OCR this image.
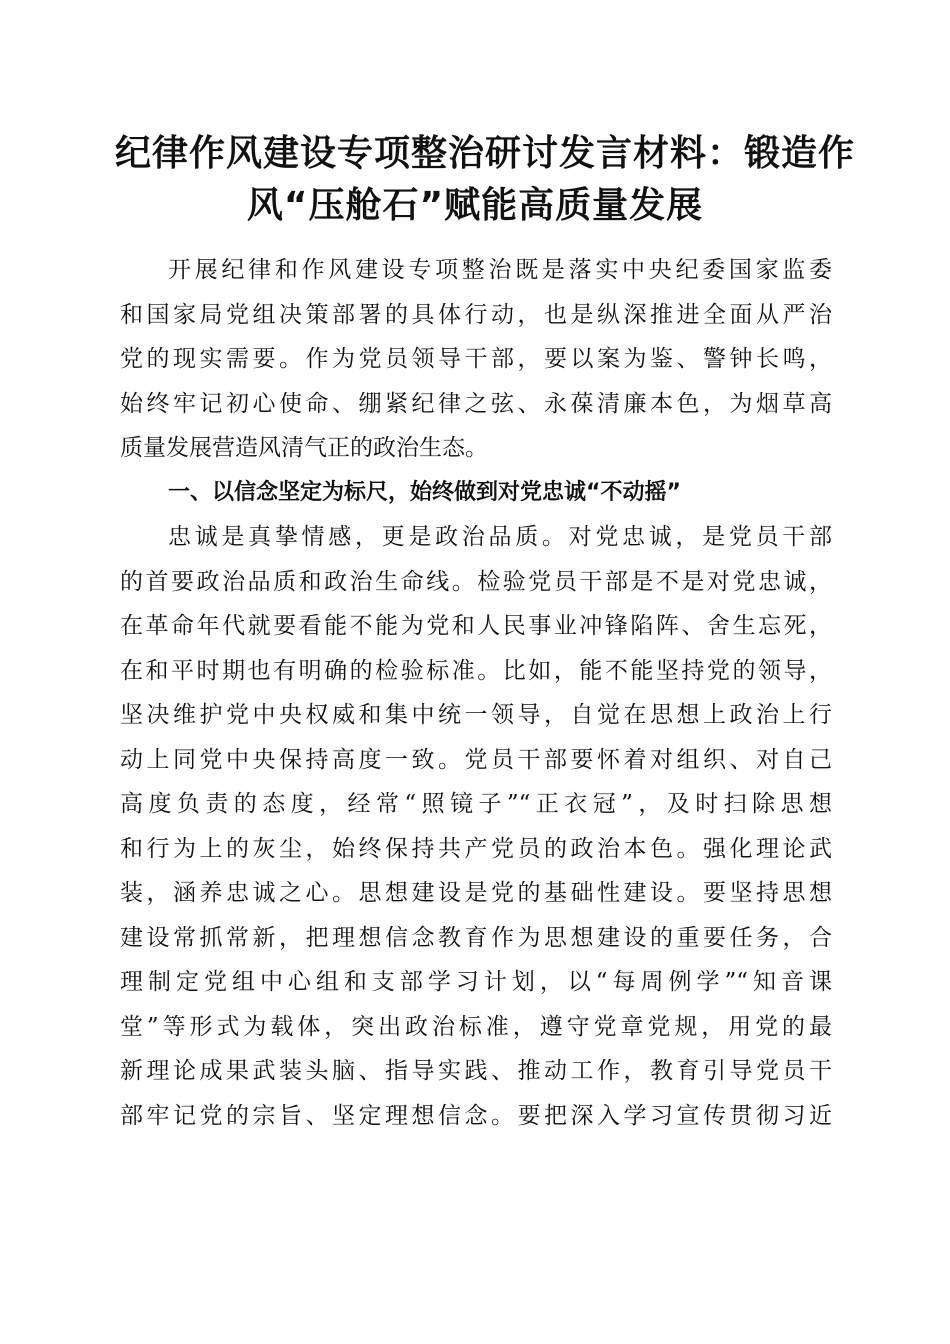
纪律作风建设专项整治研讨发言材料：锻造作
风“压舱石”赋能高质量发展
开展纪律和作风建设专项整治既是落实中央纪委国家监委
和国家局党组决策部署的具体行动，也是纵深推进全面从严治
党的现实需要。作为党员领导干部，要以案为鉴、警钟长鸣，
始终牢记初心使命、绷紧纪律之弦、永葆清廉本色，为烟草高
质量发展营造风清气正的政治生态。
一、以信念坚定为标尺，始终做到对党忠诚“不动摇”
忠诚是真挚情感，更是政治品质。对党忠诚，是党员干部
的首要政治品质和政治生命线。检验党员干部是不是对党忠诚，
在革命年代就要看能不能为党和人民事业冲锋陷阵、舍生忘死，
在和平时期也有明确的检验标准。比如，能不能坚持党的领导，
坚决维护党中央权威和集中统一领导，自觉在思想上政治上行
动上同党中央保持高度一致。党员干部要怀着对组织、对自己
高度负责的态度，经常“照镜子”“正衣冠”，及时扫除思想
和行为上的灰尘，始终保持共产党员的政治本色。强化理论武
装，涵养忠诚之心。思想建设是党的基础性建设。要坚持思想
建设常抓常新，把理想信念教育作为思想建设的重要任务，合
理制定党组中心组和支部学习计划，以“每周例学”“知音课
堂”等形式为载体，突出政治标准，遵守党章党规，用党的最
新理论成果武装头脑、指导实践、推动工作，教育引导党员干
部牢记党的宗旨、坚定理想信念。要把深入学习宣传贯彻习近
